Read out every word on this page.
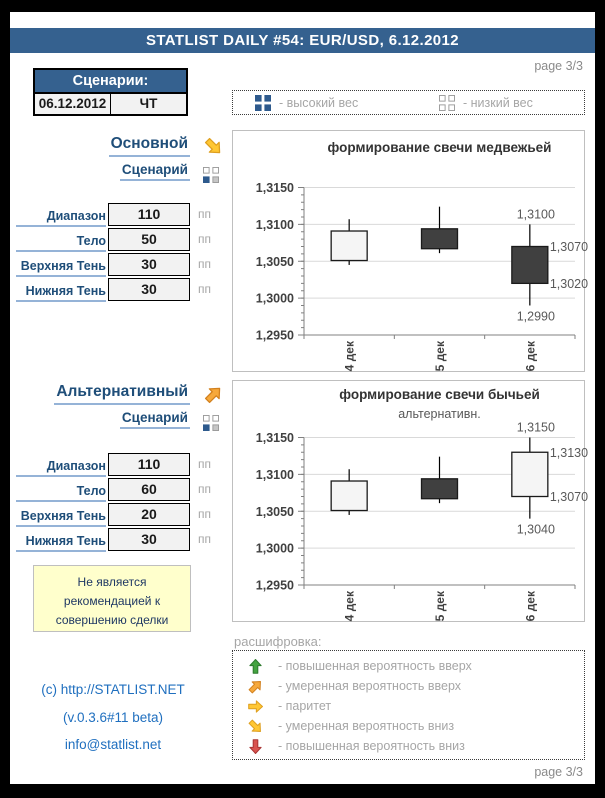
STATLIST DAILY #54: EUR/USD, 6.12.2012
page 3/3
Сценарии:
06.12.2012	ЧТ	- высокий вес	- низкий вес
Основной
Сценарий

Диапазон	110	пп
Тело	50	пп
Верхняя Тень	30	пп
Нижняя Тень	30	пп
1,2950
1,3000
1,3050
1,3100
1,3150
4 дек	5 дек	6 дек
1,3100
1,3070
1,3020
1,2990
формирование свечи медвежьей
Альтернативный
Сценарий

Диапазон	110	пп
Тело	60	пп
Верхняя Тень	20	пп
Нижняя Тень	30	пп
1,2950
1,3000
1,3050
1,3100
1,3150
4 дек	5 дек	6 дек
1,3150
1,3130
1,3070
1,3040
формирование свечи бычьей
альтернативн.
Не является
рекомендацией к
совершению сделки
расшифровка:
- повышенная вероятность вверх
- умеренная вероятность вверх
- паритет
- умеренная вероятность вниз
- повышенная вероятность вниз
(c) http://STATLIST.NET
(v.0.3.6#11 beta)
info@statlist.net
page 3/3
